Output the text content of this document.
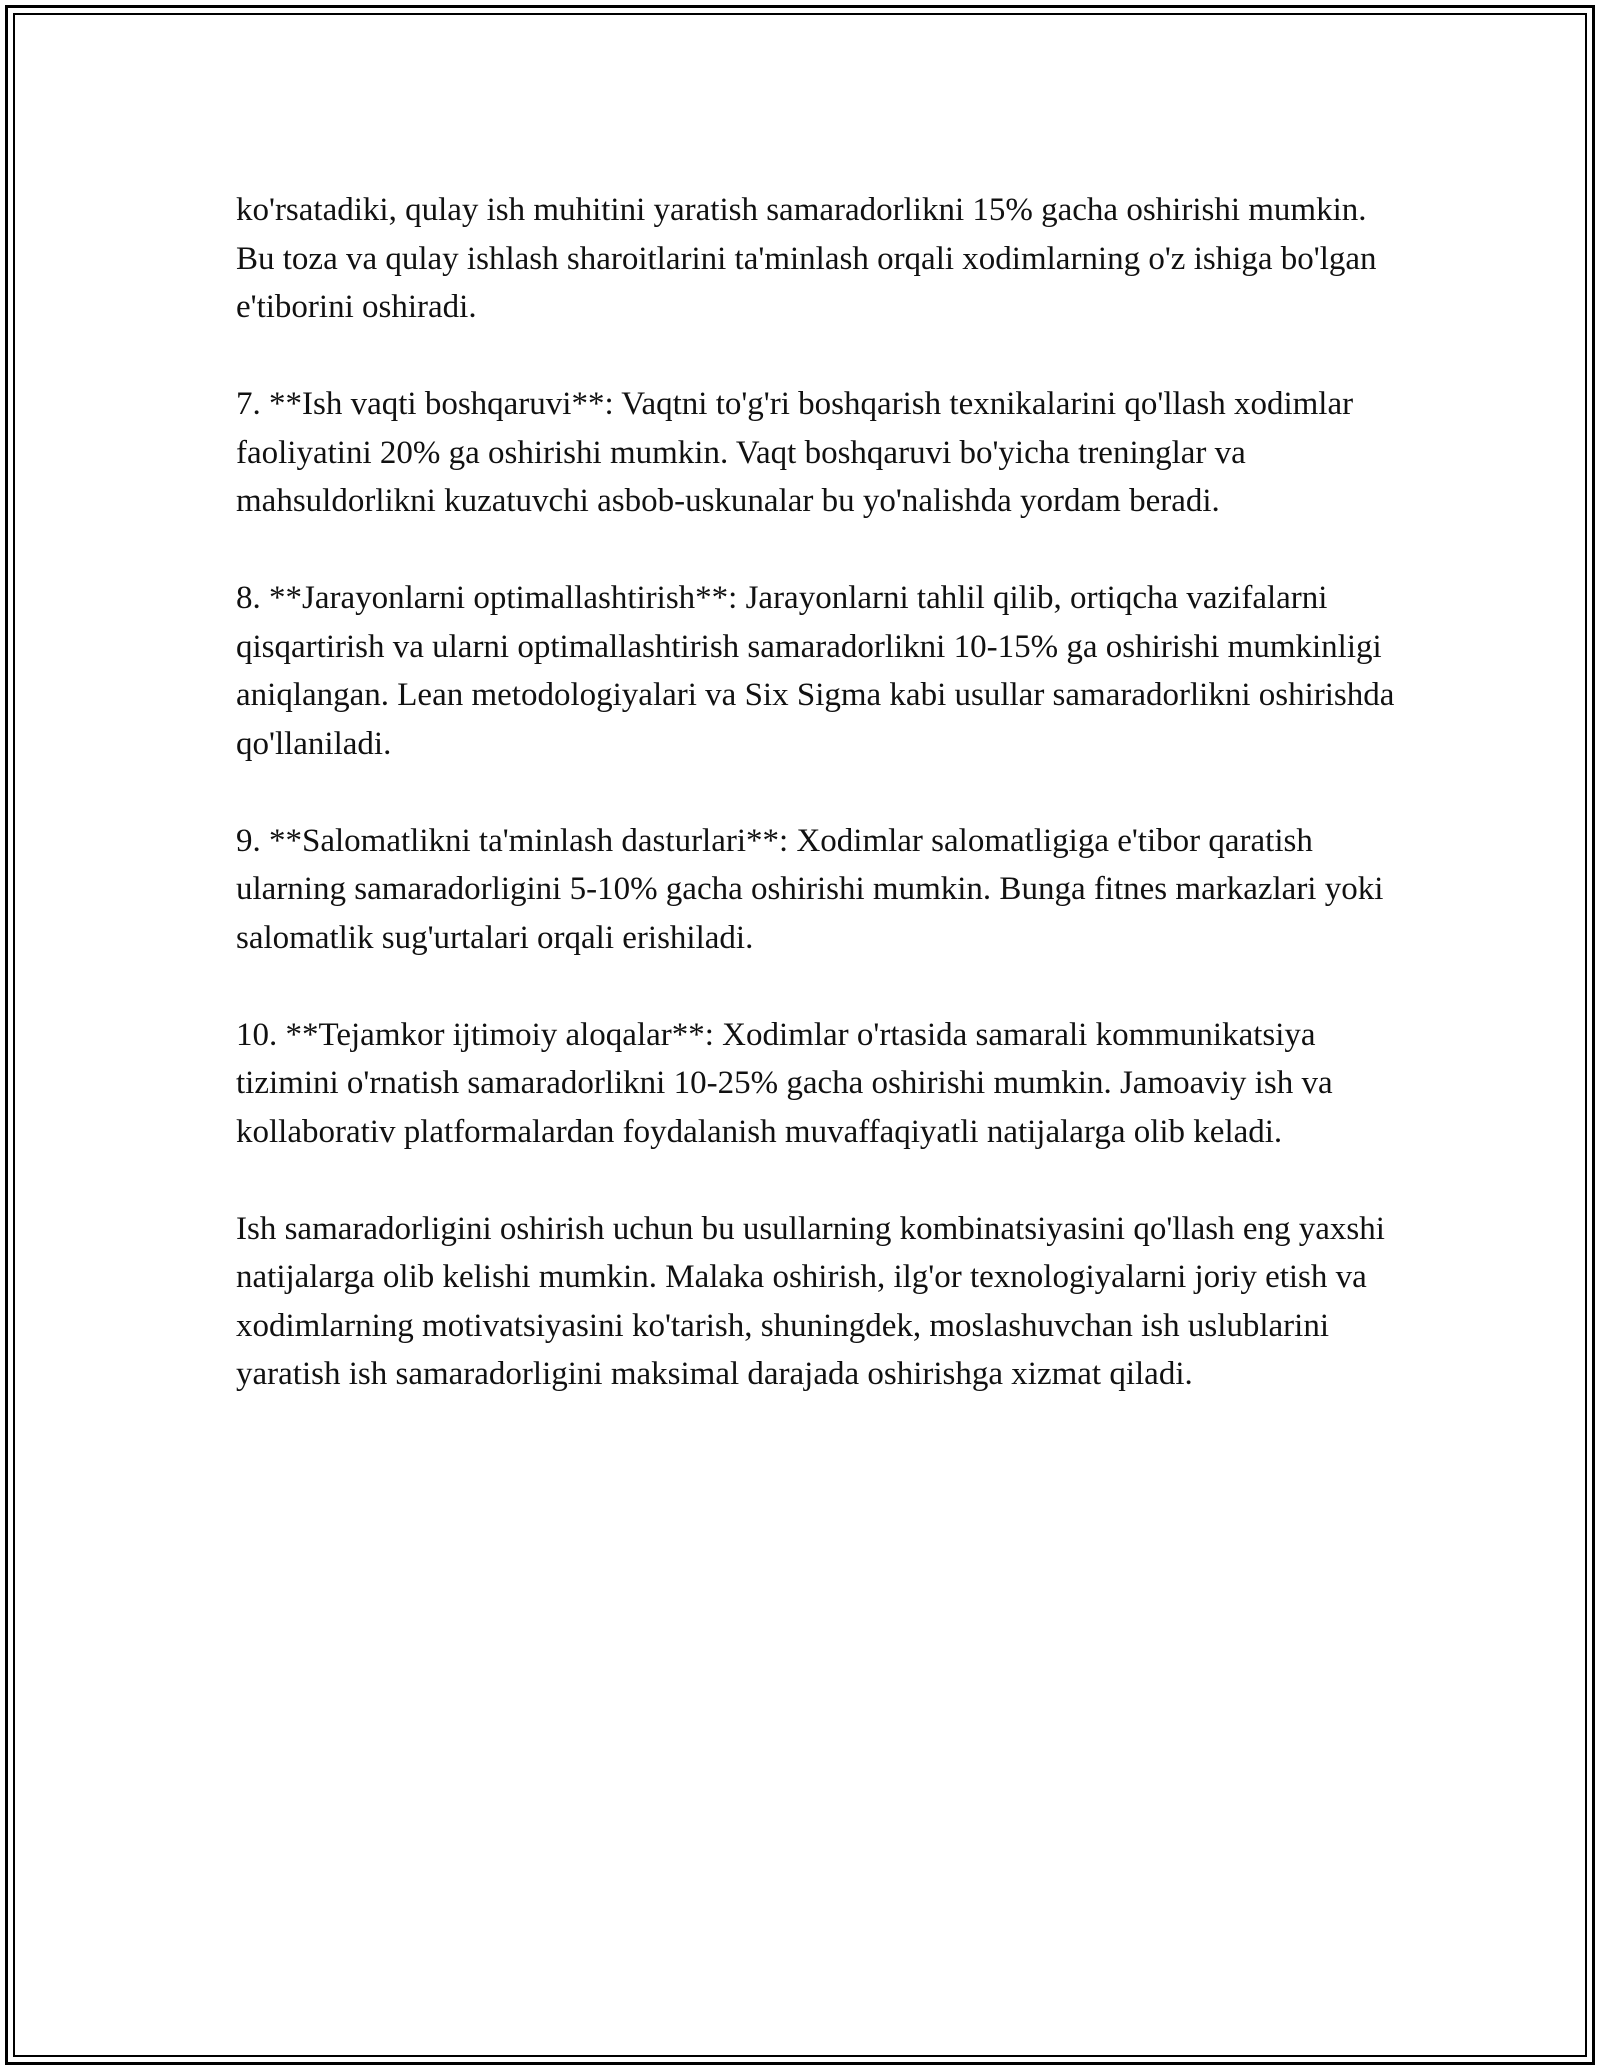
ko'rsatadiki, qulay ish muhitini yaratish samaradorlikni 15% gacha oshirishi mumkin. Bu toza va qulay ishlash sharoitlarini ta'minlash orqali xodimlarning o'z ishiga bo'lgan e'tiborini oshiradi.

7. **Ish vaqti boshqaruvi**: Vaqtni to'g'ri boshqarish texnikalarini qo'llash xodimlar faoliyatini 20% ga oshirishi mumkin. Vaqt boshqaruvi bo'yicha treninglar va mahsuldorlikni kuzatuvchi asbob-uskunalar bu yo'nalishda yordam beradi.

8. **Jarayonlarni optimallashtirish**: Jarayonlarni tahlil qilib, ortiqcha vazifalarni qisqartirish va ularni optimallashtirish samaradorlikni 10-15% ga oshirishi mumkinligi aniqlangan. Lean metodologiyalari va Six Sigma kabi usullar samaradorlikni oshirishda qo'llaniladi.

9. **Salomatlikni ta'minlash dasturlari**: Xodimlar salomatligiga e'tibor qaratish ularning samaradorligini 5-10% gacha oshirishi mumkin. Bunga fitnes markazlari yoki salomatlik sug'urtalari orqali erishiladi.

10. **Tejamkor ijtimoiy aloqalar**: Xodimlar o'rtasida samarali kommunikatsiya tizimini o'rnatish samaradorlikni 10-25% gacha oshirishi mumkin. Jamoaviy ish va kollaborativ platformalardan foydalanish muvaffaqiyatli natijalarga olib keladi.

Ish samaradorligini oshirish uchun bu usullarning kombinatsiyasini qo'llash eng yaxshi natijalarga olib kelishi mumkin. Malaka oshirish, ilg'or texnologiyalarni joriy etish va xodimlarning motivatsiyasini ko'tarish, shuningdek, moslashuvchan ish uslublarini yaratish ish samaradorligini maksimal darajada oshirishga xizmat qiladi.
